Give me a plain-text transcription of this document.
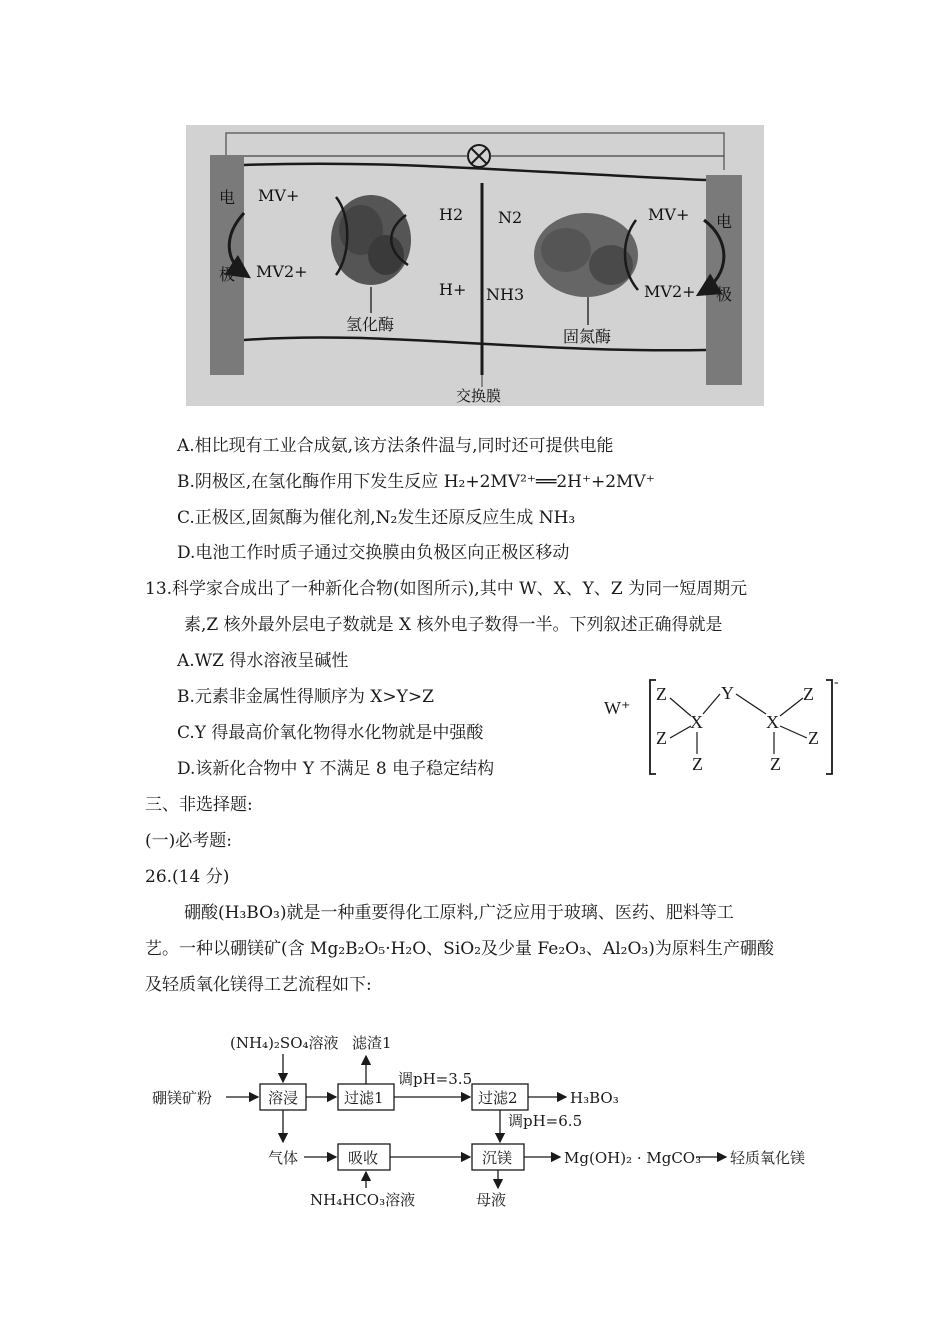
电
极
电
极
交换膜
MV+
MV2+
氢化酶
H2
H+
固氮酶
N2
NH3
MV+
MV2+
A.相比现有工业合成氨,该方法条件温与,同时还可提供电能
B.阴极区,在氢化酶作用下发生反应 H₂+2MV²⁺══2H⁺+2MV⁺
C.正极区,固氮酶为催化剂,N₂发生还原反应生成 NH₃
D.电池工作时质子通过交换膜由负极区向正极区移动
13.科学家合成出了一种新化合物(如图所示),其中 W、X、Y、Z 为同一短周期元
素,Z 核外最外层电子数就是 X 核外电子数得一半。下列叙述正确得就是
A.WZ 得水溶液呈碱性
B.元素非金属性得顺序为 X>Y>Z
C.Y 得最高价氧化物得水化物就是中强酸
D.该新化合物中 Y 不满足 8 电子稳定结构
W⁺
-
Z	Y	Z
X	X
Z	Z
Z	Z
三、非选择题:
(一)必考题:
26.(14 分)
硼酸(H₃BO₃)就是一种重要得化工原料,广泛应用于玻璃、医药、肥料等工
艺。一种以硼镁矿(含 Mg₂B₂O₅·H₂O、SiO₂及少量 Fe₂O₃、Al₂O₃)为原料生产硼酸
及轻质氧化镁得工艺流程如下:
(NH₄)₂SO₄溶液 滤渣1
硼镁矿粉
调pH=3.5
H₃BO₃
调pH=6.5
气体	Mg(OH)₂ · MgCO₃ 轻质氧化镁
NH₄HCO₃溶液	母液
溶浸	过滤1	过滤2
吸收	沉镁
